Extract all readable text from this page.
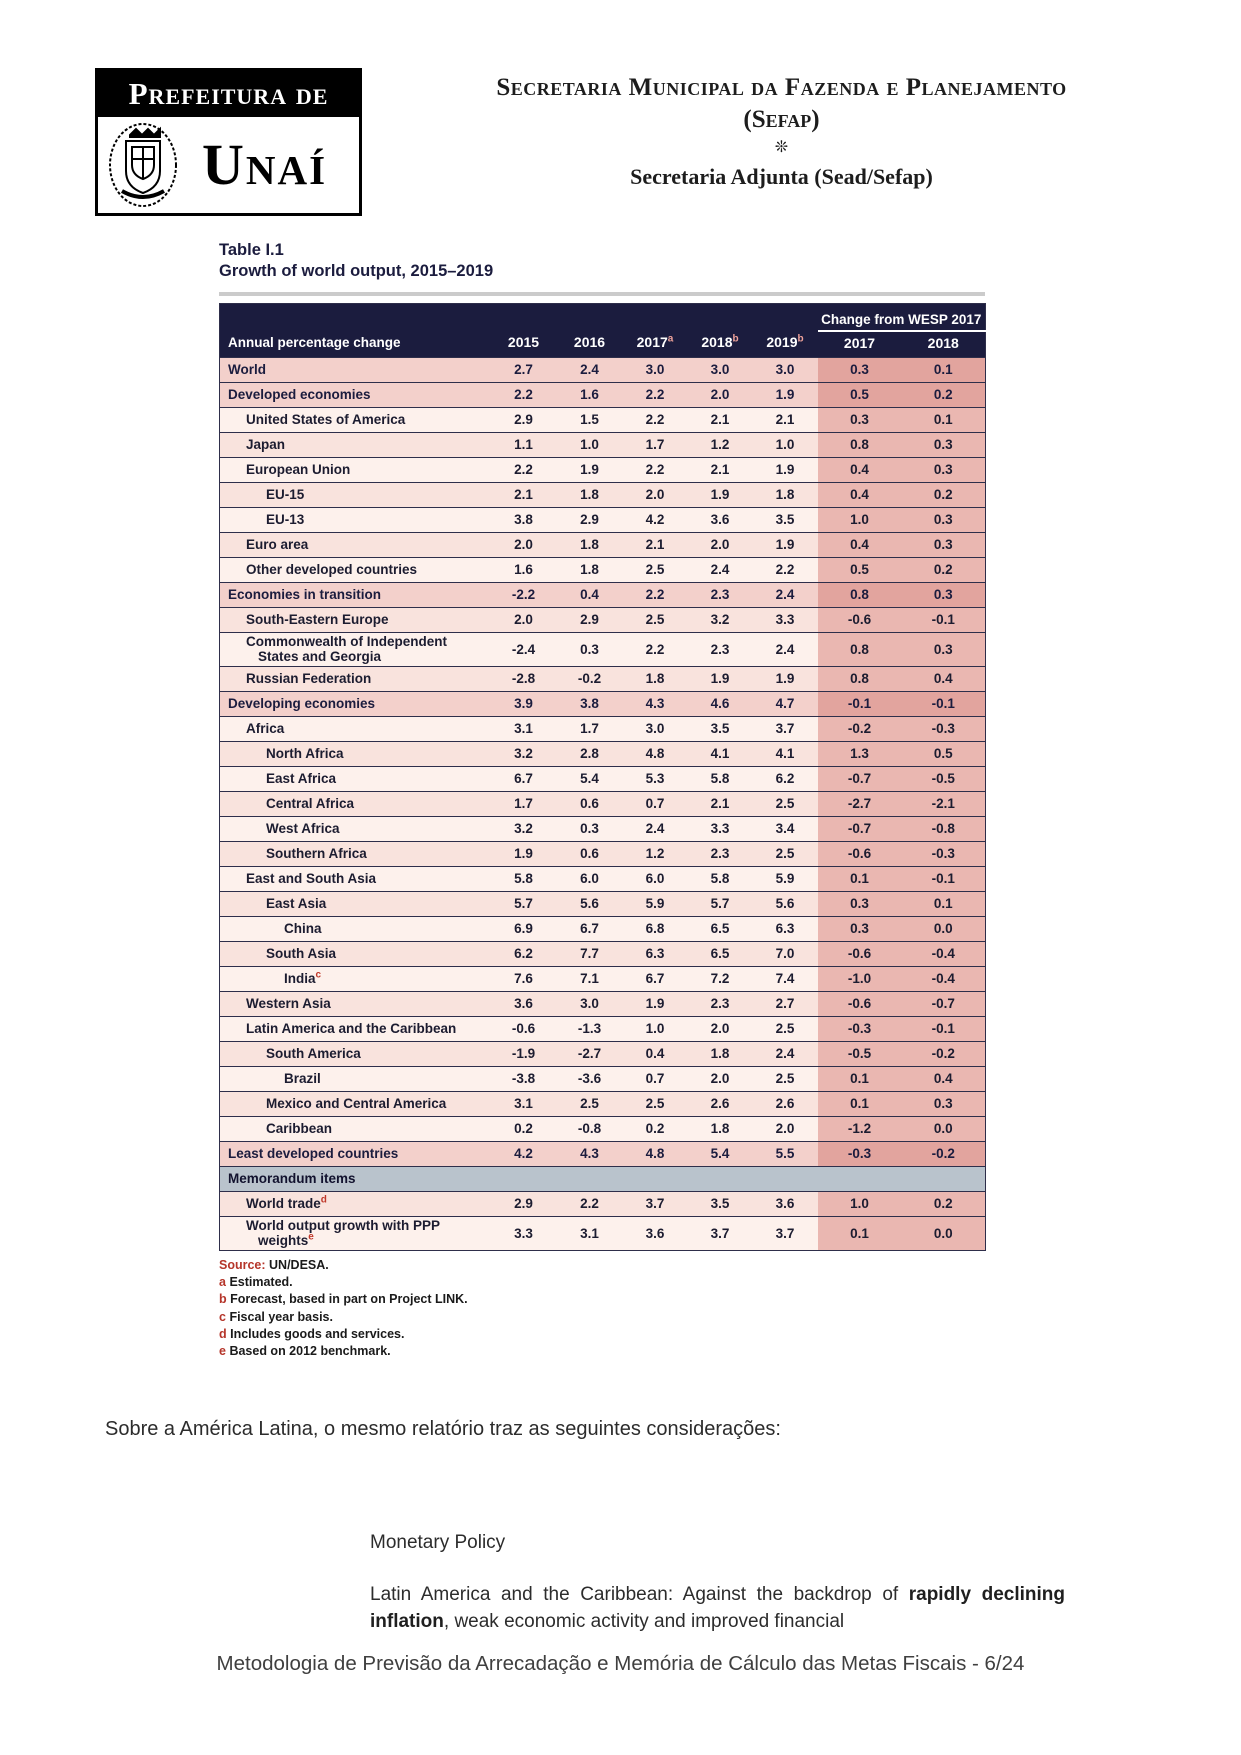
Prefeitura de
Unaí
Secretaria Municipal da Fazenda e Planejamento
(Sefap)
❊
Secretaria Adjunta (Sead/Sefap)
Table I.1
Growth of world output, 2015–2019
Annual percentage change	2015	2016	2017$^a$	2018$^b$	2019$^b$	Change from WESP 2017	
						2017	2018
World	2.7	2.4	3.0	3.0	3.0	0.3	0.1
Developed economies	2.2	1.6	2.2	2.0	1.9	0.5	0.2
United States of America	2.9	1.5	2.2	2.1	2.1	0.3	0.1
Japan	1.1	1.0	1.7	1.2	1.0	0.8	0.3
European Union	2.2	1.9	2.2	2.1	1.9	0.4	0.3
EU-15	2.1	1.8	2.0	1.9	1.8	0.4	0.2
EU-13	3.8	2.9	4.2	3.6	3.5	1.0	0.3
Euro area	2.0	1.8	2.1	2.0	1.9	0.4	0.3
Other developed countries	1.6	1.8	2.5	2.4	2.2	0.5	0.2
Economies in transition	-2.2	0.4	2.2	2.3	2.4	0.8	0.3
South-Eastern Europe	2.0	2.9	2.5	3.2	3.3	-0.6	-0.1
Commonwealth of Independent States and Georgia	-2.4	0.3	2.2	2.3	2.4	0.8	0.3
Russian Federation	-2.8	-0.2	1.8	1.9	1.9	0.8	0.4
Developing economies	3.9	3.8	4.3	4.6	4.7	-0.1	-0.1
Africa	3.1	1.7	3.0	3.5	3.7	-0.2	-0.3
North Africa	3.2	2.8	4.8	4.1	4.1	1.3	0.5
East Africa	6.7	5.4	5.3	5.8	6.2	-0.7	-0.5
Central Africa	1.7	0.6	0.7	2.1	2.5	-2.7	-2.1
West Africa	3.2	0.3	2.4	3.3	3.4	-0.7	-0.8
Southern Africa	1.9	0.6	1.2	2.3	2.5	-0.6	-0.3
East and South Asia	5.8	6.0	6.0	5.8	5.9	0.1	-0.1
East Asia	5.7	5.6	5.9	5.7	5.6	0.3	0.1
China	6.9	6.7	6.8	6.5	6.3	0.3	0.0
South Asia	6.2	7.7	6.3	6.5	7.0	-0.6	-0.4
India$^c$	7.6	7.1	6.7	7.2	7.4	-1.0	-0.4
Western Asia	3.6	3.0	1.9	2.3	2.7	-0.6	-0.7
Latin America and the Caribbean	-0.6	-1.3	1.0	2.0	2.5	-0.3	-0.1
South America	-1.9	-2.7	0.4	1.8	2.4	-0.5	-0.2
Brazil	-3.8	-3.6	0.7	2.0	2.5	0.1	0.4
Mexico and Central America	3.1	2.5	2.5	2.6	2.6	0.1	0.3
Caribbean	0.2	-0.8	0.2	1.8	2.0	-1.2	0.0
Least developed countries	4.2	4.3	4.8	5.4	5.5	-0.3	-0.2
Memorandum items							
World trade$^d$	2.9	2.2	3.7	3.5	3.6	1.0	0.2
World output growth with PPP weights$^e$	3.3	3.1	3.6	3.7	3.7	0.1	0.0
Source: UN/DESA.
a Estimated.
b Forecast, based in part on Project LINK.
c Fiscal year basis.
d Includes goods and services.
e Based on 2012 benchmark.
Sobre a América Latina, o mesmo relatório traz as seguintes considerações:
Monetary Policy
Latin America and the Caribbean: Against the backdrop of rapidly declining inflation, weak economic activity and improved financial
Metodologia de Previsão da Arrecadação e Memória de Cálculo das Metas Fiscais - 6/24
